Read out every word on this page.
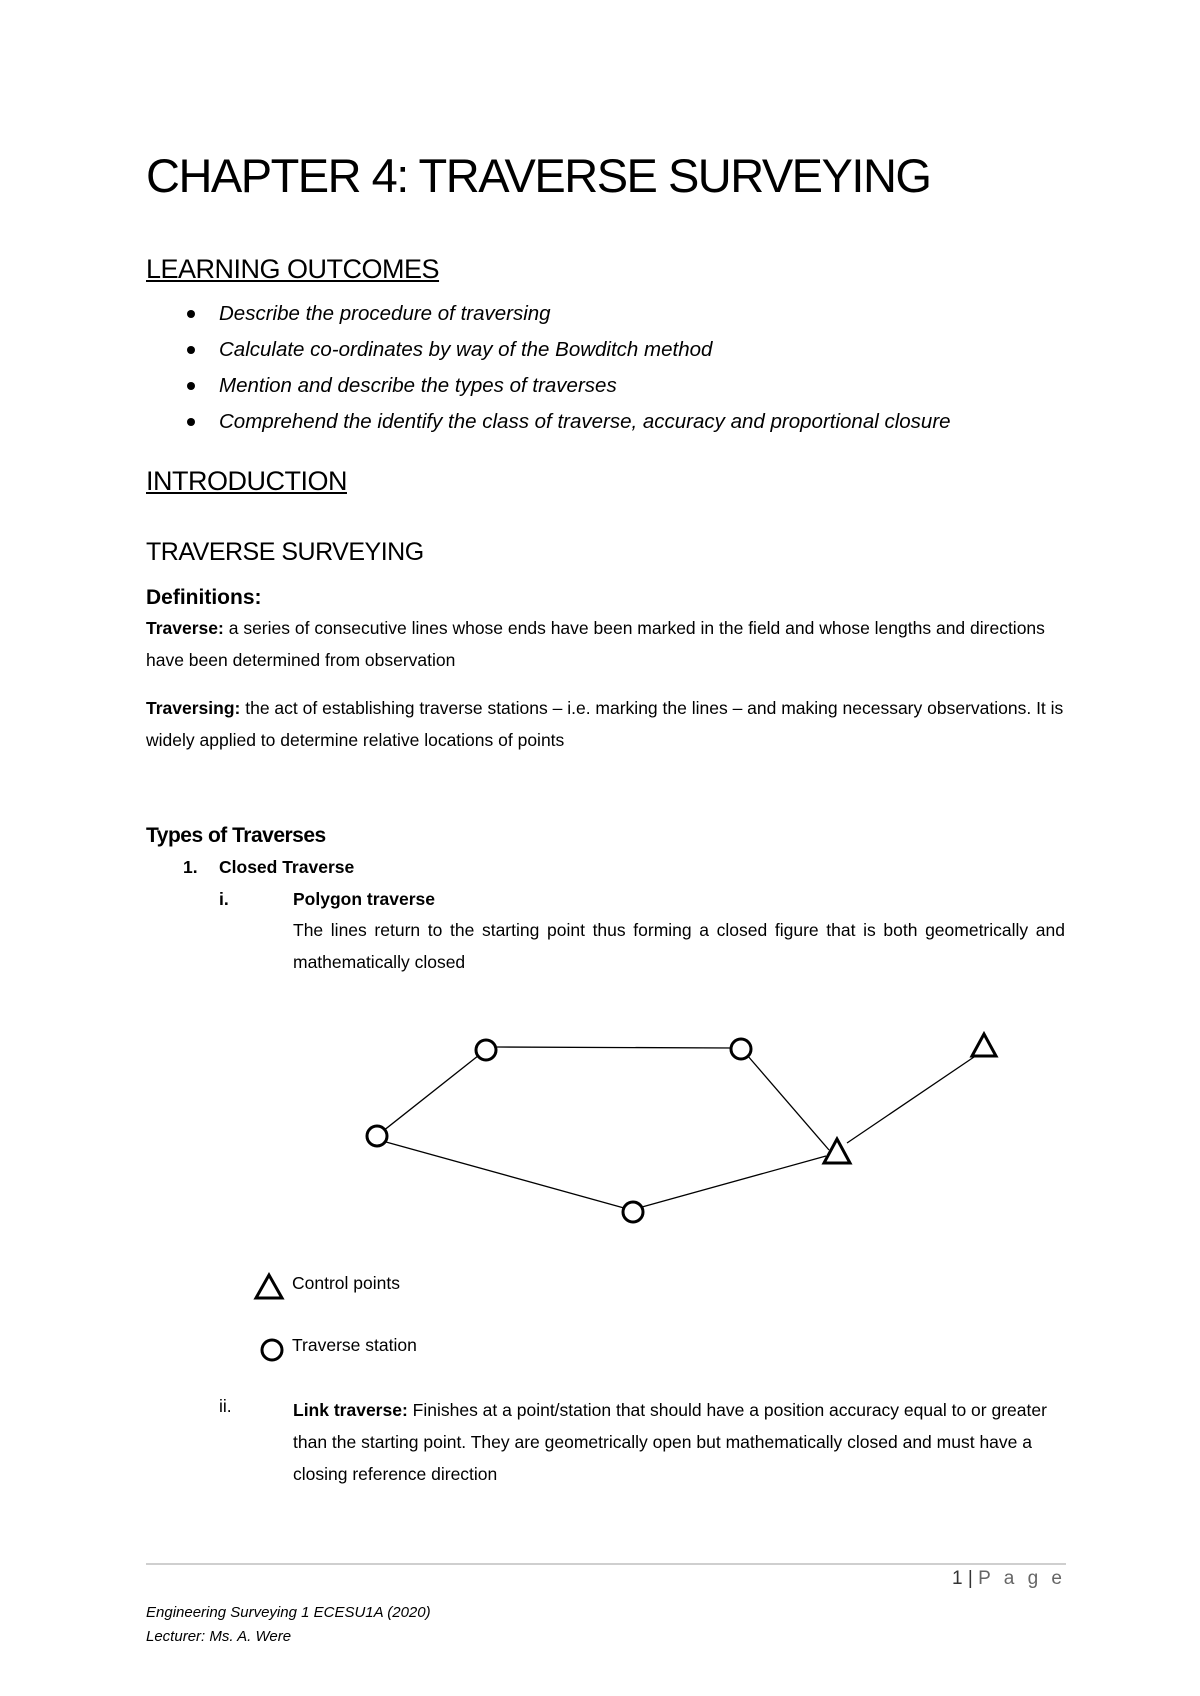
CHAPTER 4: TRAVERSE SURVEYING
LEARNING OUTCOMES
Describe the procedure of traversing
Calculate co-ordinates by way of the Bowditch method
Mention and describe the types of traverses
Comprehend the identify the class of traverse, accuracy and proportional closure
INTRODUCTION
TRAVERSE SURVEYING
Definitions:
Traverse: a series of consecutive lines whose ends have been marked in the field and whose lengths and directions have been determined from observation
Traversing: the act of establishing traverse stations – i.e. marking the lines – and making necessary observations. It is widely applied to determine relative locations of points
Types of Traverses
1. Closed Traverse
i.	Polygon traverse
The lines return to the starting point thus forming a closed figure that is both geometrically and mathematically closed
Control points
Traverse station
ii.	Link traverse: Finishes at a point/station that should have a position accuracy equal to or greater than the starting point. They are geometrically open but mathematically closed and must have a closing reference direction
1 | P a g e
Engineering Surveying 1 ECESU1A (2020)
Lecturer: Ms. A. Were
